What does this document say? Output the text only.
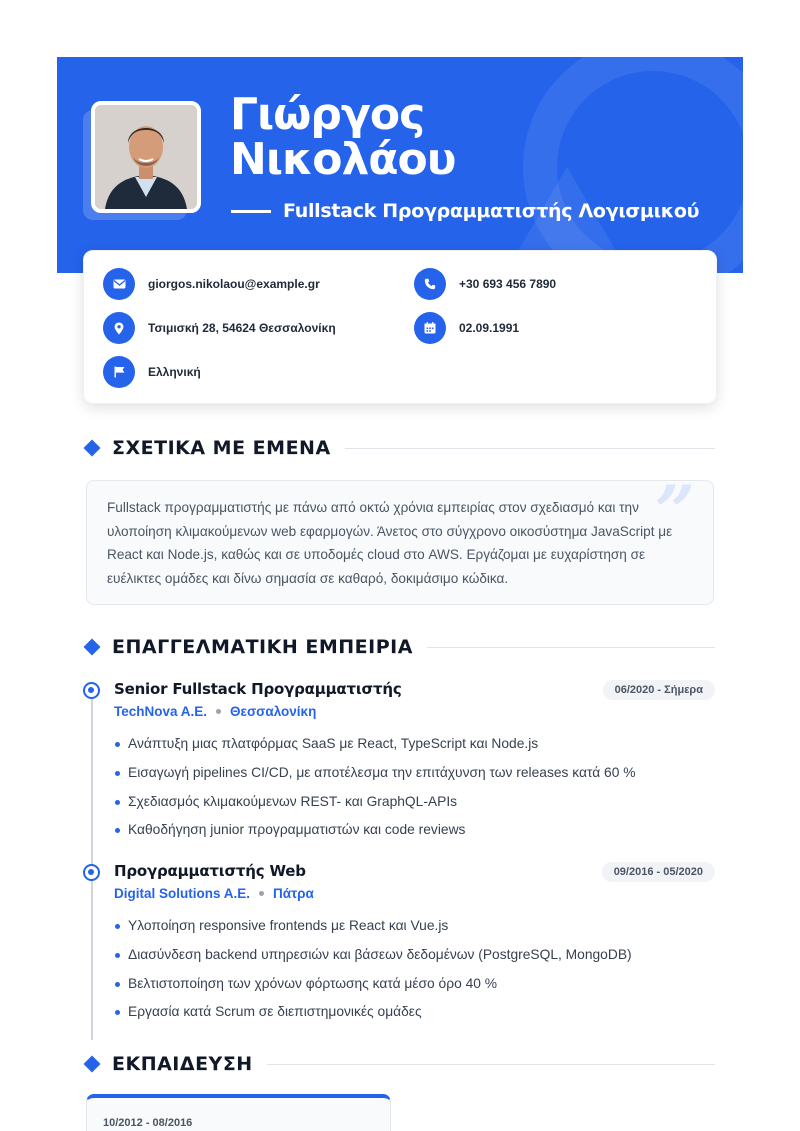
Γιώργος
Νικολάου
Fullstack Προγραμματιστής Λογισμικού
giorgos.nikolaou@example.gr	+30 693 456 7890
Τσιμισκή 28, 54624 Θεσσαλονίκη	02.09.1991
Ελληνική
ΣΧΕΤΙΚΑ ΜΕ ΕΜΕΝΑ
”

Fullstack προγραμματιστής με πάνω από οκτώ χρόνια εμπειρίας στον σχεδιασμό και την υλοποίηση κλιμακούμενων web εφαρμογών. Άνετος στο σύγχρονο οικοσύστημα JavaScript με React και Node.js, καθώς και σε υποδομές cloud στο AWS. Εργάζομαι με ευχαρίστηση σε ευέλικτες ομάδες και δίνω σημασία σε καθαρό, δοκιμάσιμο κώδικα.

ΕΠΑΓΓΕΛΜΑΤΙΚΗ ΕΜΠΕΙΡΙΑ
Senior Fullstack Προγραμματιστής	06/2020 - Σήμερα
TechNova A.E. Θεσσαλονίκη
Ανάπτυξη μιας πλατφόρμας SaaS με React, TypeScript και Node.js
Εισαγωγή pipelines CI/CD, με αποτέλεσμα την επιτάχυνση των releases κατά 60 %
Σχεδιασμός κλιμακούμενων REST- και GraphQL-APIs
Καθοδήγηση junior προγραμματιστών και code reviews
Προγραμματιστής Web	09/2016 - 05/2020
Digital Solutions A.E. Πάτρα
Υλοποίηση responsive frontends με React και Vue.js
Διασύνδεση backend υπηρεσιών και βάσεων δεδομένων (PostgreSQL, MongoDB)
Βελτιστοποίηση των χρόνων φόρτωσης κατά μέσο όρο 40 %
Εργασία κατά Scrum σε διεπιστημονικές ομάδες
ΕΚΠΑΙΔΕΥΣΗ
10/2012 - 08/2016
